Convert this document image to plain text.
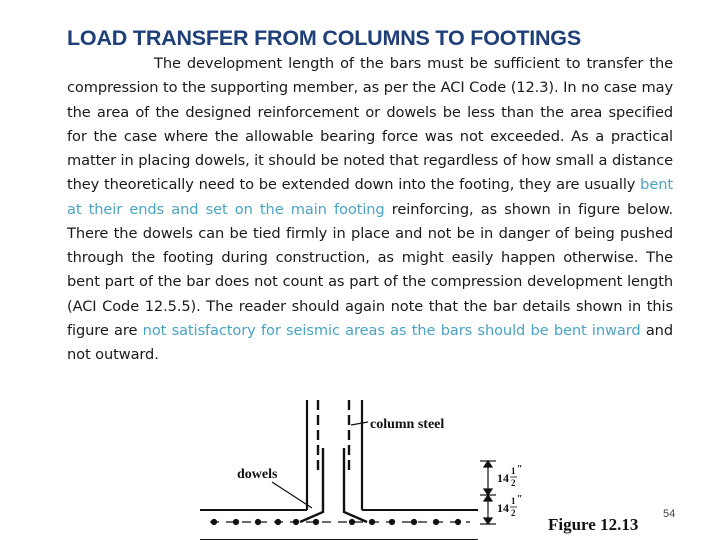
LOAD TRANSFER FROM COLUMNS TO FOOTINGS

The development length of the bars must be sufficient to transfer the compression to the supporting member, as per the ACI Code (12.3). In no case may the area of the designed reinforcement or dowels be less than the area specified for the case where the allowable bearing force was not exceeded. As a practical matter in placing dowels, it should be noted that regardless of how small a distance they theoretically need to be extended down into the footing, they are usually bent at their ends and set on the main footing reinforcing, as shown in figure below. There the dowels can be tied firmly in place and not be in danger of being pushed through the footing during construction, as might easily happen otherwise. The bent part of the bar does not count as part of the compression development length (ACI Code 12.5.5). The reader should again note that the bar details shown in this figure are not satisfactory for seismic areas as the bars should be bent inward and not outward.

column steel
dowels	14 1
2
″
14 1
2
″
Figure 12.13
54
